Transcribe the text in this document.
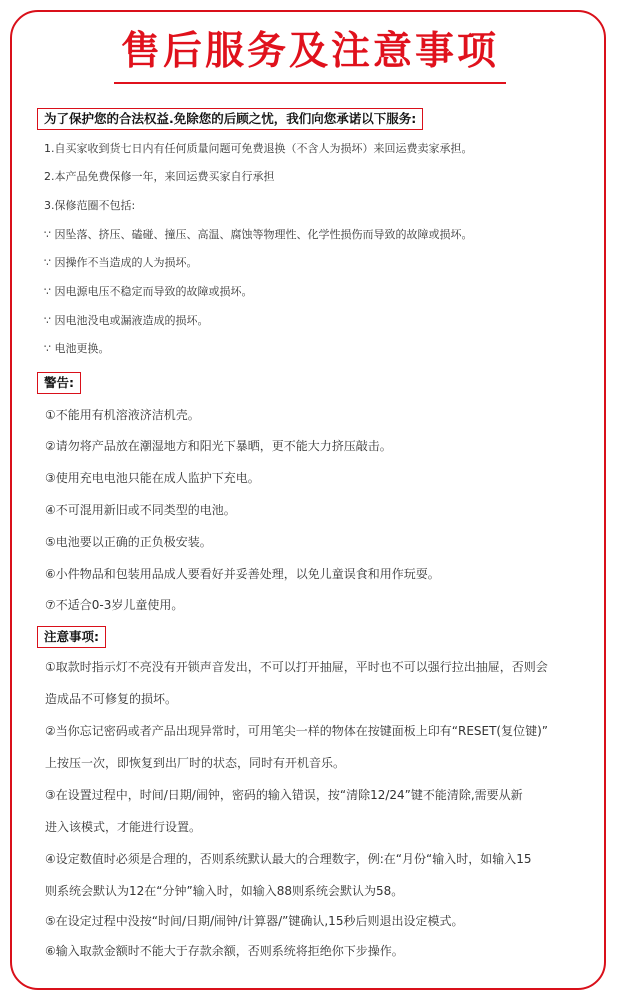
售后服务及注意事项
为了保护您的合法权益.免除您的后顾之忧，我们向您承诺以下服务:
1.自买家收到货七日内有任何质量问题可免费退换（不含人为损坏）来回运费卖家承担。
2.本产品免费保修一年，来回运费买家自行承担
3.保修范圈不包括:
∵ 因坠落、挤压、磕碰、撞压、高温、腐蚀等物理性、化学性损伤而导致的故障或损坏。
∵ 因操作不当造成的人为损坏。
∵ 因电源电压不稳定而导致的故障或损坏。
∵ 因电池没电或漏液造成的损坏。
∵ 电池更换。
警告:
①不能用有机溶液济洁机壳。
②请勿将产品放在潮湿地方和阳光下暴晒，更不能大力挤压敲击。
③使用充电电池只能在成人监护下充电。
④不可混用新旧或不同类型的电池。
⑤电池要以正确的正负极安装。
⑥小件物品和包装用品成人要看好并妥善处理，以免儿童误食和用作玩耍。
⑦不适合0-3岁儿童使用。
注意事项:
①取款时指示灯不亮没有开锁声音发出，不可以打开抽屉，平时也不可以强行拉出抽屉，否则会
造成品不可修复的损坏。
②当你忘记密码或者产品出现异常时，可用笔尖一样的物体在按键面板上印有“RESET(复位键)”
上按压一次，即恢复到出厂时的状态，同时有开机音乐。
③在设置过程中，时间/日期/闹钟，密码的输入错误，按“清除12/24”键不能清除,需要从新
进入该模式，才能进行设置。
④设定数值时必须是合理的，否则系统默认最大的合理数字，例:在“月份“输入时，如输入15
则系统会默认为12在“分钟”输入时，如输入88则系统会默认为58。
⑤在设定过程中没按“时间/日期/闹钟/计算器/”键确认,15秒后则退出设定模式。
⑥输入取款金额时不能大于存款余额，否则系统将拒绝你下步操作。
